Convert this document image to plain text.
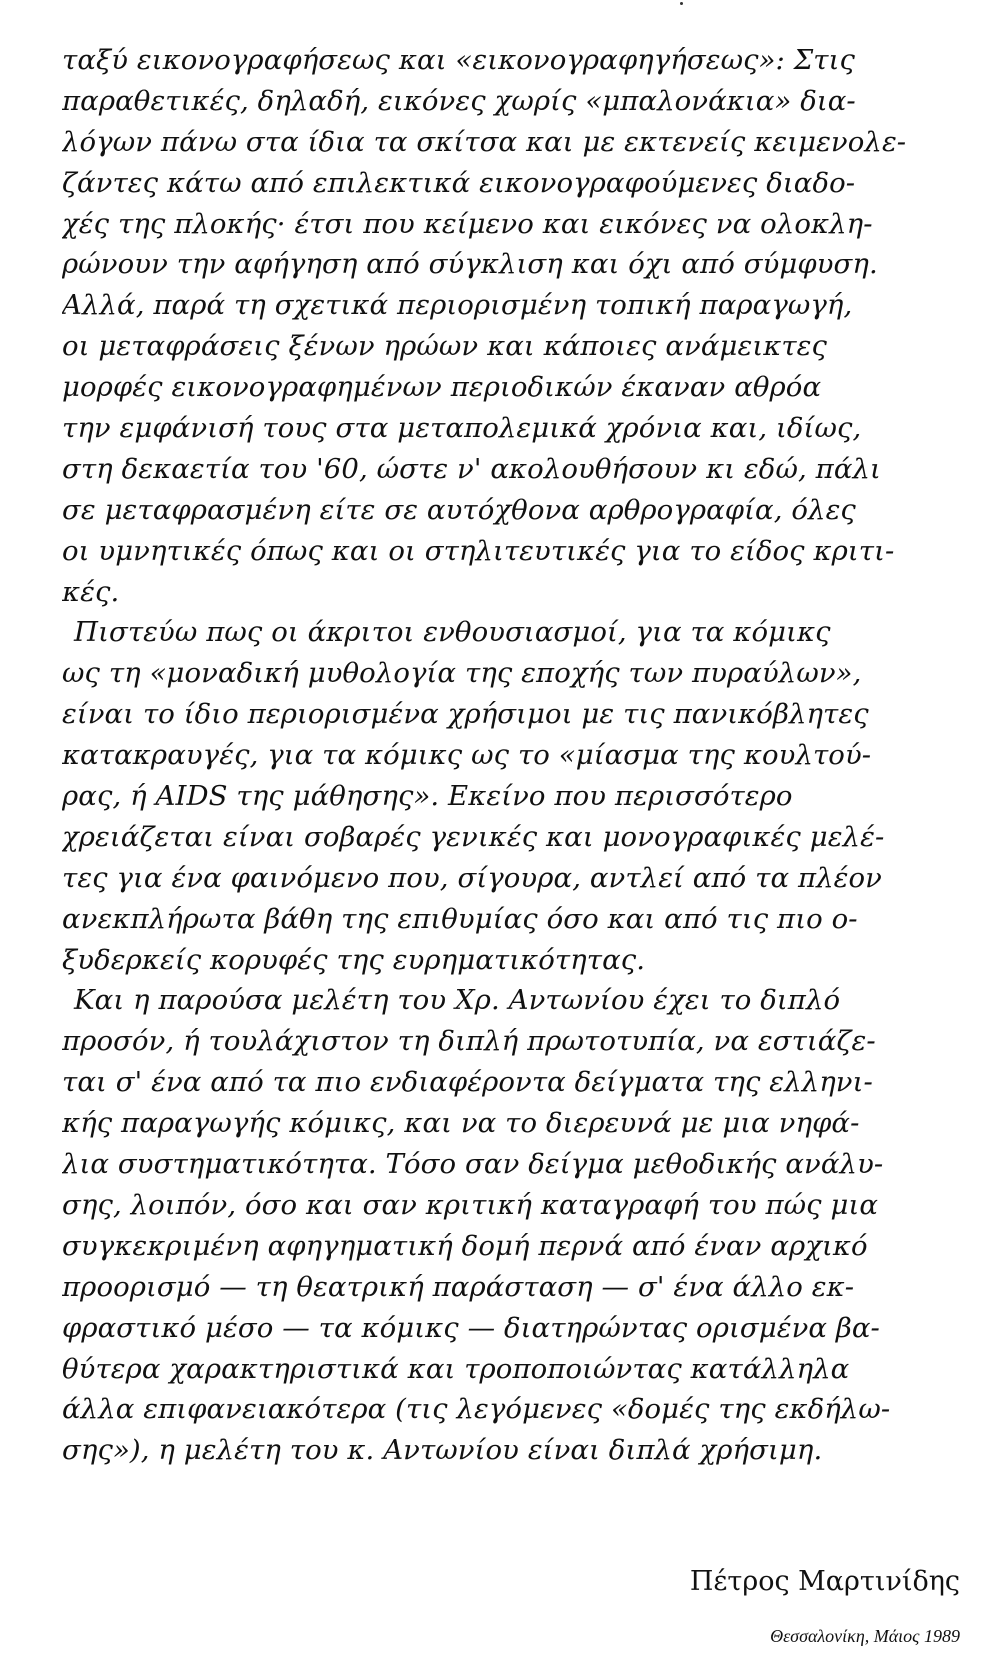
ταξύ εικονογραφήσεως και «εικονογραφηγήσεως»: Στις
παραθετικές, δηλαδή, εικόνες χωρίς «μπαλονάκια» δια-
λόγων πάνω στα ίδια τα σκίτσα και με εκτενείς κειμενολε-
ζάντες κάτω από επιλεκτικά εικονογραφούμενες διαδο-
χές της πλοκής· έτσι που κείμενο και εικόνες να ολοκλη-
ρώνουν την αφήγηση από σύγκλιση και όχι από σύμφυση.
Αλλά, παρά τη σχετικά περιορισμένη τοπική παραγωγή,
οι μεταφράσεις ξένων ηρώων και κάποιες ανάμεικτες
μορφές εικονογραφημένων περιοδικών έκαναν αθρόα
την εμφάνισή τους στα μεταπολεμικά χρόνια και, ιδίως,
στη δεκαετία του '60, ώστε ν' ακολουθήσουν κι εδώ, πάλι
σε μεταφρασμένη είτε σε αυτόχθονα αρθρογραφία, όλες
οι υμνητικές όπως και οι στηλιτευτικές για το είδος κριτι-
κές.
Πιστεύω πως οι άκριτοι ενθουσιασμοί, για τα κόμικς
ως τη «μοναδική μυθολογία της εποχής των πυραύλων»,
είναι το ίδιο περιορισμένα χρήσιμοι με τις πανικόβλητες
κατακραυγές, για τα κόμικς ως το «μίασμα της κουλτού-
ρας, ή AIDS της μάθησης». Εκείνο που περισσότερο
χρειάζεται είναι σοβαρές γενικές και μονογραφικές μελέ-
τες για ένα φαινόμενο που, σίγουρα, αντλεί από τα πλέον
ανεκπλήρωτα βάθη της επιθυμίας όσο και από τις πιο ο-
ξυδερκείς κορυφές της ευρηματικότητας.
Και η παρούσα μελέτη του Χρ. Αντωνίου έχει το διπλό
προσόν, ή τουλάχιστον τη διπλή πρωτοτυπία, να εστιάζε-
ται σ' ένα από τα πιο ενδιαφέροντα δείγματα της ελληνι-
κής παραγωγής κόμικς, και να το διερευνά με μια νηφά-
λια συστηματικότητα. Τόσο σαν δείγμα μεθοδικής ανάλυ-
σης, λοιπόν, όσο και σαν κριτική καταγραφή του πώς μια
συγκεκριμένη αφηγηματική δομή περνά από έναν αρχικό
προορισμό — τη θεατρική παράσταση — σ' ένα άλλο εκ-
φραστικό μέσο — τα κόμικς — διατηρώντας ορισμένα βα-
θύτερα χαρακτηριστικά και τροποποιώντας κατάλληλα
άλλα επιφανειακότερα (τις λεγόμενες «δομές της εκδήλω-
σης»), η μελέτη του κ. Αντωνίου είναι διπλά χρήσιμη.
Πέτρος Μαρτινίδης
Θεσσαλονίκη, Μάιος 1989
